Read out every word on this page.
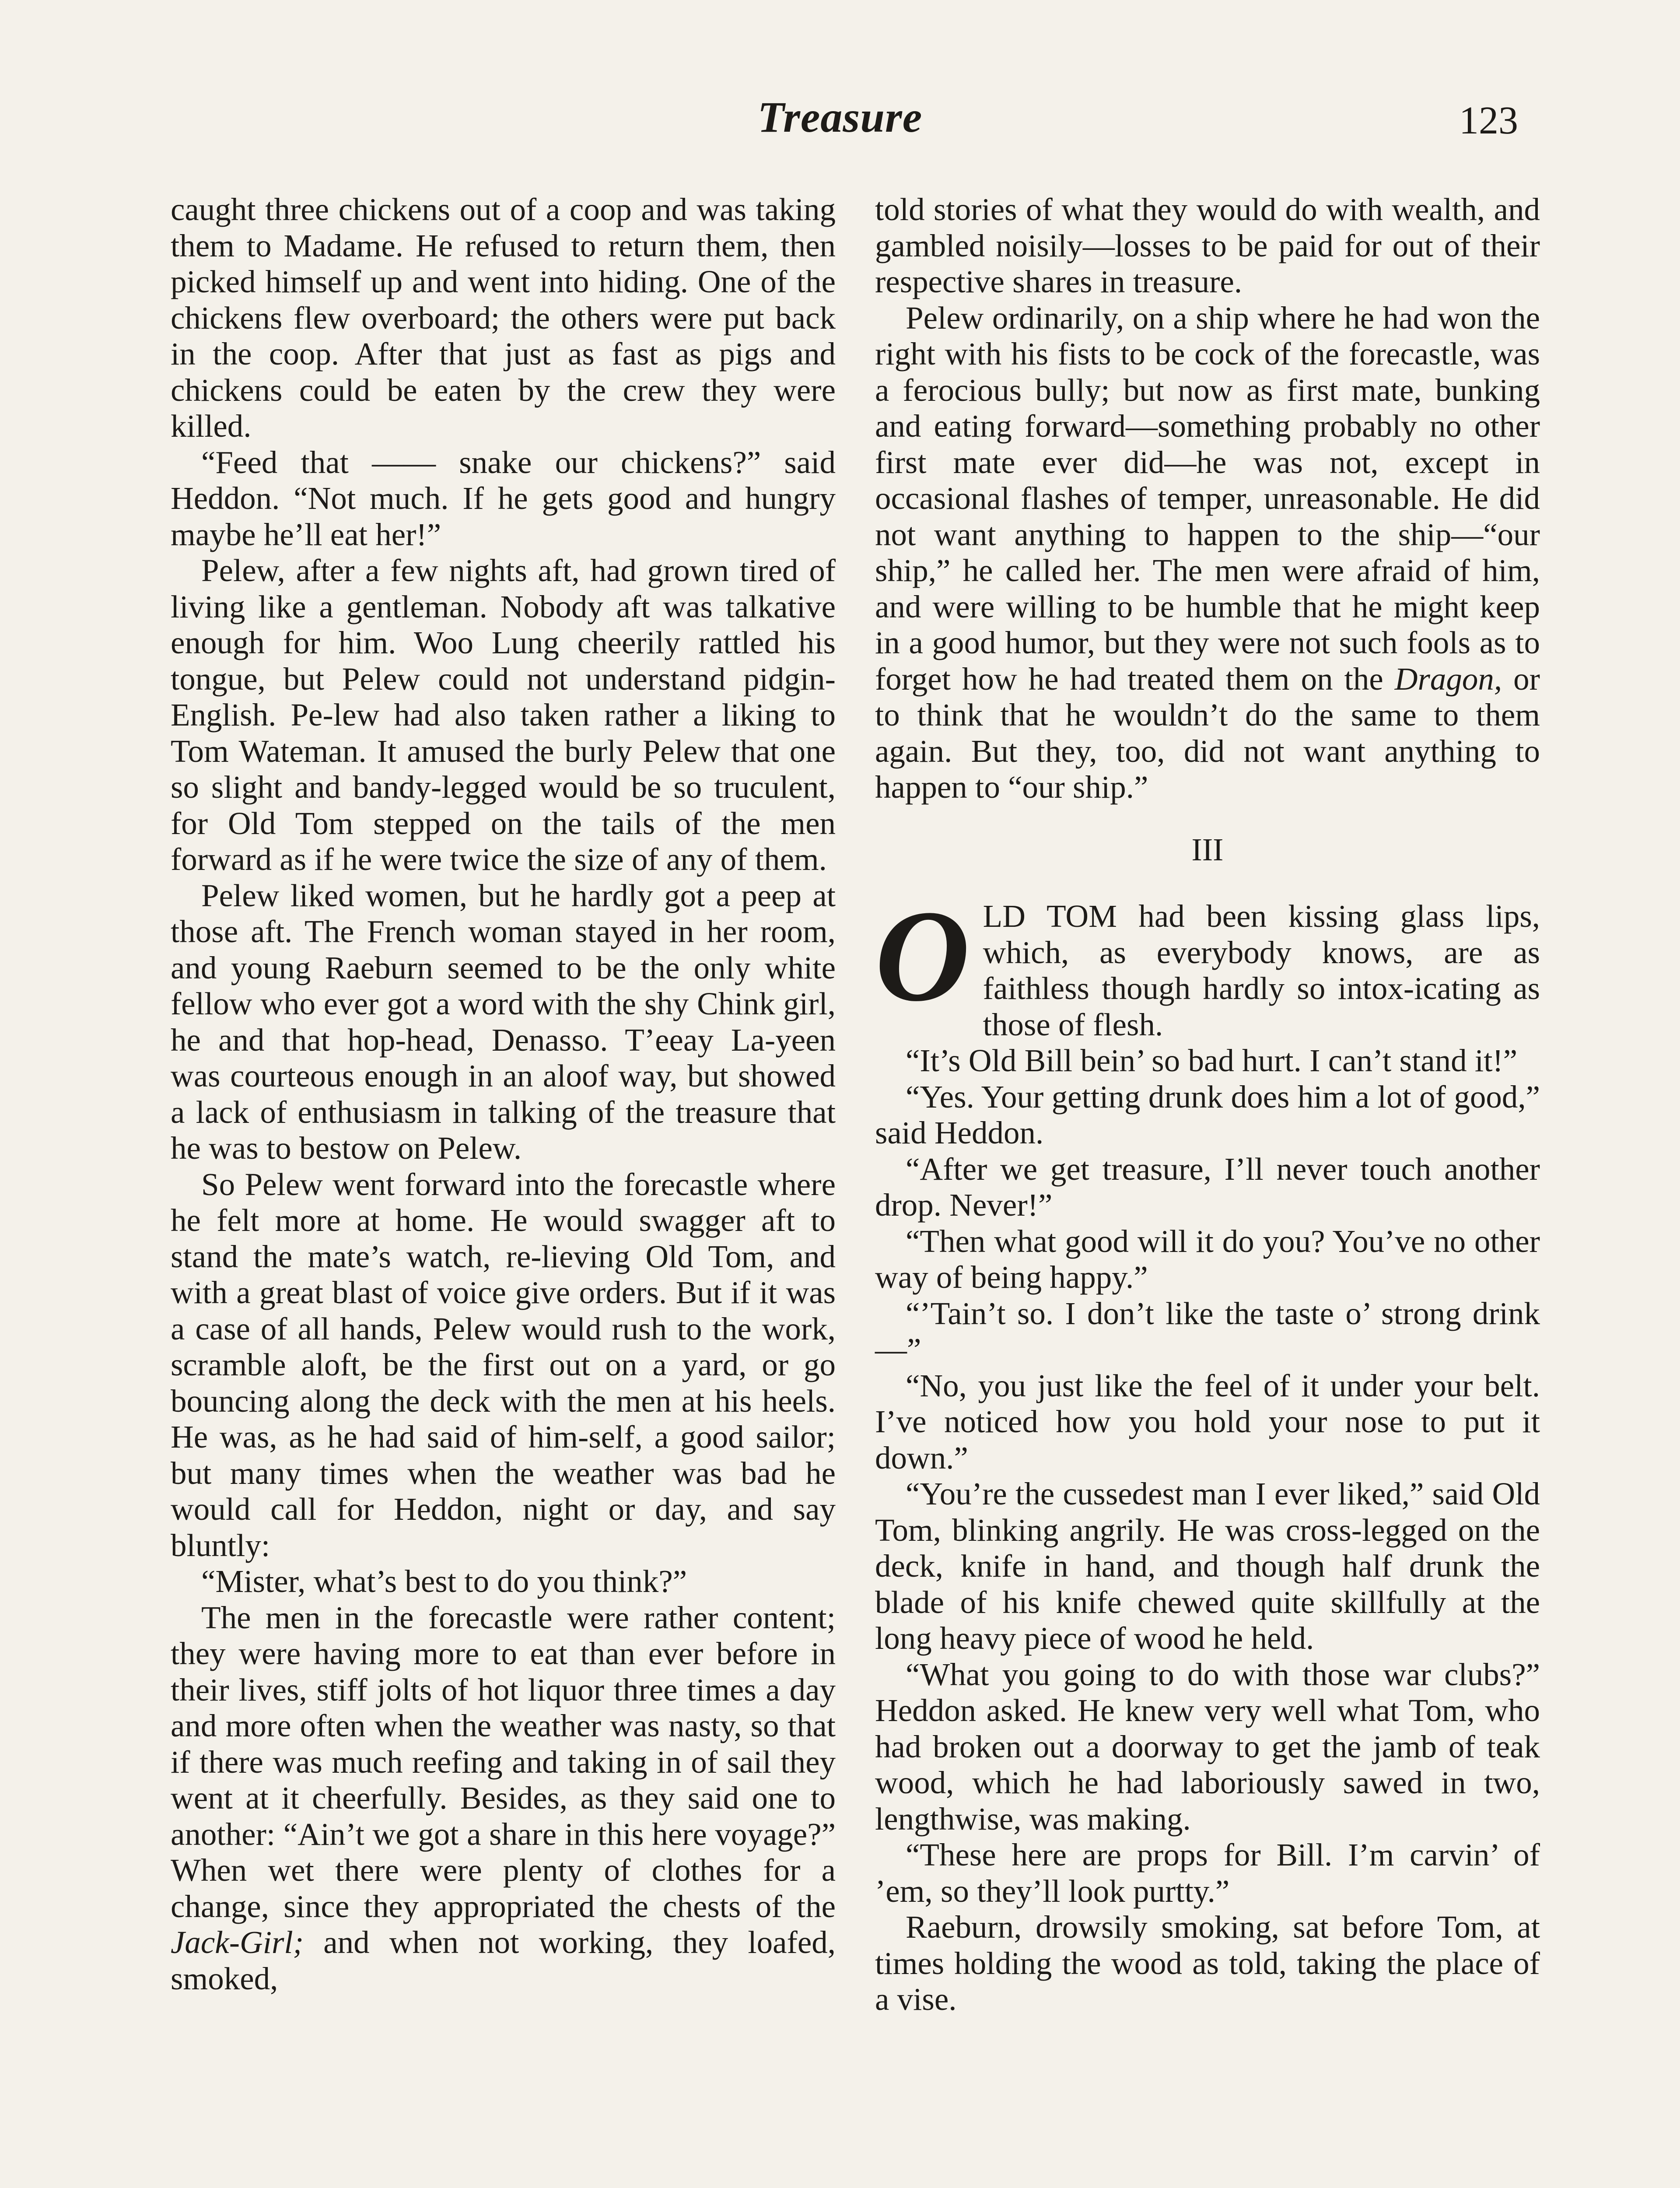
Treasure	123

caught three chickens out of a coop and was taking them to Madame. He refused to return them, then picked himself up and went into hiding. One of the chickens flew overboard; the others were put back in the coop. After that just as fast as pigs and chickens could be eaten by the crew they were killed.

“Feed that —— snake our chickens?” said Heddon. “Not much. If he gets good and hungry maybe he’ll eat her!”

Pelew, after a few nights aft, had grown tired of living like a gentleman. Nobody aft was talkative enough for him. Woo Lung cheerily rattled his tongue, but Pelew could not understand pidgin-English. Pe-lew had also taken rather a liking to Tom Wateman. It amused the burly Pelew that one so slight and bandy-legged would be so truculent, for Old Tom stepped on the tails of the men forward as if he were twice the size of any of them.

Pelew liked women, but he hardly got a peep at those aft. The French woman stayed in her room, and young Raeburn seemed to be the only white fellow who ever got a word with the shy Chink girl, he and that hop-head, Denasso. T’eeay La-yeen was courteous enough in an aloof way, but showed a lack of enthusiasm in talking of the treasure that he was to bestow on Pelew.

So Pelew went forward into the forecastle where he felt more at home. He would swagger aft to stand the mate’s watch, re-lieving Old Tom, and with a great blast of voice give orders. But if it was a case of all hands, Pelew would rush to the work, scramble aloft, be the first out on a yard, or go bouncing along the deck with the men at his heels. He was, as he had said of him-self, a good sailor; but many times when the weather was bad he would call for Heddon, night or day, and say bluntly:

“Mister, what’s best to do you think?”

The men in the forecastle were rather content; they were having more to eat than ever before in their lives, stiff jolts of hot liquor three times a day and more often when the weather was nasty, so that if there was much reefing and taking in of sail they went at it cheerfully. Besides, as they said one to another: “Ain’t we got a share in this here voyage?” When wet there were plenty of clothes for a change, since they appropriated the chests of the Jack-Girl; and when not working, they loafed, smoked,

told stories of what they would do with wealth, and gambled noisily—losses to be paid for out of their respective shares in treasure.

Pelew ordinarily, on a ship where he had won the right with his fists to be cock of the forecastle, was a ferocious bully; but now as first mate, bunking and eating forward—something probably no other first mate ever did—he was not, except in occasional flashes of temper, unreasonable. He did not want anything to happen to the ship—“our ship,” he called her. The men were afraid of him, and were willing to be humble that he might keep in a good humor, but they were not such fools as to forget how he had treated them on the Dragon, or to think that he wouldn’t do the same to them again. But they, too, did not want anything to happen to “our ship.”

III

OLD TOM had been kissing glass lips, which, as everybody knows, are as faithless though hardly so intox-icating as those of flesh.

“It’s Old Bill bein’ so bad hurt. I can’t stand it!”

“Yes. Your getting drunk does him a lot of good,” said Heddon.

“After we get treasure, I’ll never touch another drop. Never!”

“Then what good will it do you? You’ve no other way of being happy.”

“’Tain’t so. I don’t like the taste o’ strong drink—”

“No, you just like the feel of it under your belt. I’ve noticed how you hold your nose to put it down.”

“You’re the cussedest man I ever liked,” said Old Tom, blinking angrily. He was cross-legged on the deck, knife in hand, and though half drunk the blade of his knife chewed quite skillfully at the long heavy piece of wood he held.

“What you going to do with those war clubs?” Heddon asked. He knew very well what Tom, who had broken out a doorway to get the jamb of teak wood, which he had laboriously sawed in two, lengthwise, was making.

“These here are props for Bill. I’m carvin’ of ’em, so they’ll look purtty.”

Raeburn, drowsily smoking, sat before Tom, at times holding the wood as told, taking the place of a vise.
